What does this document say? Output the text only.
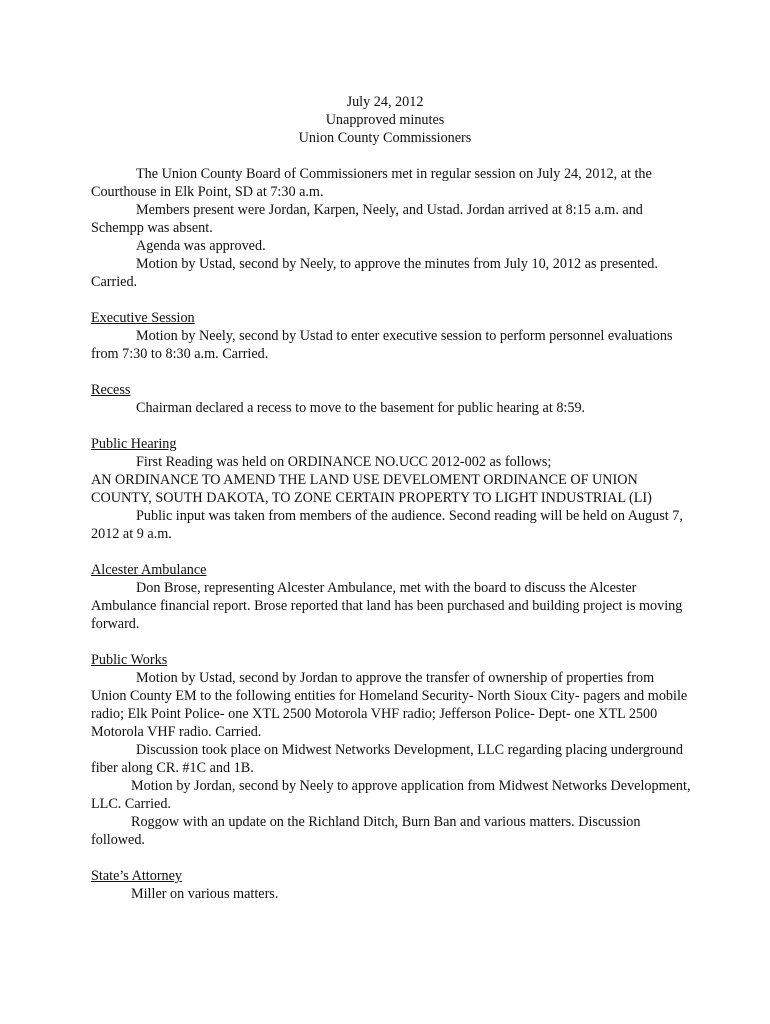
July 24, 2012
Unapproved minutes
Union County Commissioners

The Union County Board of Commissioners met in regular session on July 24, 2012, at the Courthouse in Elk Point, SD at 7:30 a.m.

Members present were Jordan, Karpen, Neely, and Ustad. Jordan arrived at 8:15 a.m. and Schempp was absent.

Agenda was approved.

Motion by Ustad, second by Neely, to approve the minutes from July 10, 2012 as presented. Carried.

Executive Session

Motion by Neely, second by Ustad to enter executive session to perform personnel evaluations from 7:30 to 8:30 a.m. Carried.

Recess

Chairman declared a recess to move to the basement for public hearing at 8:59.

Public Hearing

First Reading was held on ORDINANCE NO.UCC 2012-002 as follows;

AN ORDINANCE TO AMEND THE LAND USE DEVELOMENT ORDINANCE OF UNION COUNTY, SOUTH DAKOTA, TO ZONE CERTAIN PROPERTY TO LIGHT INDUSTRIAL (LI)

Public input was taken from members of the audience. Second reading will be held on August 7, 2012 at 9 a.m.

Alcester Ambulance

Don Brose, representing Alcester Ambulance, met with the board to discuss the Alcester Ambulance financial report. Brose reported that land has been purchased and building project is moving forward.

Public Works

Motion by Ustad, second by Jordan to approve the transfer of ownership of properties from Union County EM to the following entities for Homeland Security- North Sioux City- pagers and mobile radio; Elk Point Police- one XTL 2500 Motorola VHF radio; Jefferson Police- Dept- one XTL 2500 Motorola VHF radio. Carried.

Discussion took place on Midwest Networks Development, LLC regarding placing underground fiber along CR. #1C and 1B.

Motion by Jordan, second by Neely to approve application from Midwest Networks Development, LLC. Carried.

Roggow with an update on the Richland Ditch, Burn Ban and various matters. Discussion followed.

State’s Attorney

Miller on various matters.
